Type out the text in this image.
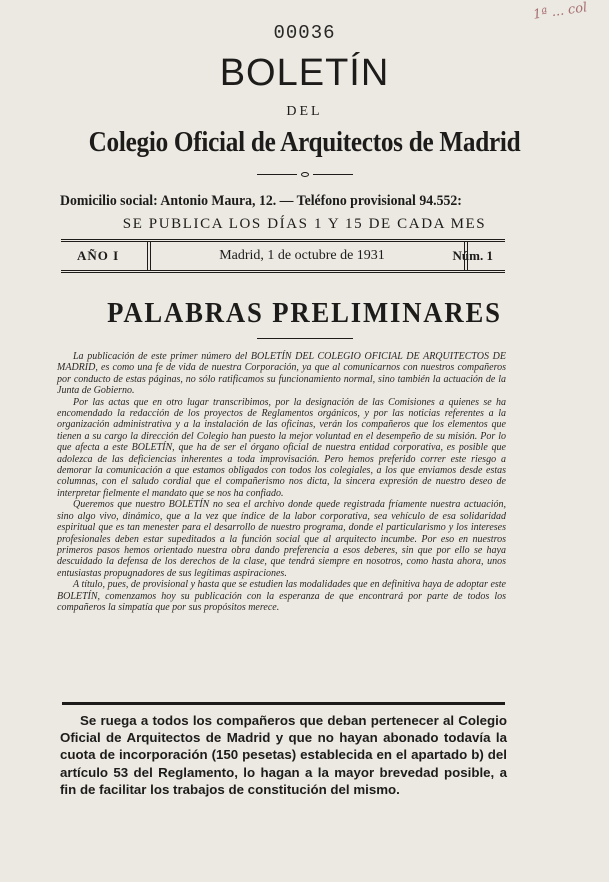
00036
1ª ... col
BOLETÍN
DEL
Colegio Oficial de Arquitectos de Madrid
Domicilio social: Antonio Maura, 12. — Teléfono provisional 94.552:
SE PUBLICA LOS DÍAS 1 Y 15 DE CADA MES
AÑO I	Madrid, 1 de octubre de 1931	Núm. 1
PALABRAS PRELIMINARES

La publicación de este primer número del BOLETÍN DEL COLEGIO OFICIAL DE ARQUITECTOS DE MADRID, es como una fe de vida de nuestra Corporación, ya que al comunicarnos con nuestros compañeros por conducto de estas páginas, no sólo ratificamos su funcionamiento normal, sino también la actuación de la Junta de Gobierno.

Por las actas que en otro lugar transcribimos, por la designación de las Comisiones a quienes se ha encomendado la redacción de los proyectos de Reglamentos orgánicos, y por las noticias referentes a la organización administrativa y a la instalación de las oficinas, verán los compañeros que los elementos que tienen a su cargo la dirección del Colegio han puesto la mejor voluntad en el desempeño de su misión. Por lo que afecta a este BOLETÍN, que ha de ser el órgano oficial de nuestra entidad corporativa, es posible que adolezca de las deficiencias inherentes a toda improvisación. Pero hemos preferido correr este riesgo a demorar la comunicación a que estamos obligados con todos los colegiales, a los que enviamos desde estas columnas, con el saludo cordial que el compañerismo nos dicta, la sincera expresión de nuestro deseo de interpretar fielmente el mandato que se nos ha confiado.

Queremos que nuestro BOLETÍN no sea el archivo donde quede registrada fríamente nuestra actuación, sino algo vivo, dinámico, que a la vez que índice de la labor corporativa, sea vehículo de esa solidaridad espiritual que es tan menester para el desarrollo de nuestro programa, donde el particularismo y los intereses profesionales deben estar supeditados a la función social que al arquitecto incumbe. Por eso en nuestros primeros pasos hemos orientado nuestra obra dando preferencia a esos deberes, sin que por ello se haya descuidado la defensa de los derechos de la clase, que tendrá siempre en nosotros, como hasta ahora, unos entusiastas propugnadores de sus legítimas aspiraciones.

A título, pues, de provisional y hasta que se estudien las modalidades que en definitiva haya de adoptar este BOLETÍN, comenzamos hoy su publicación con la esperanza de que encontrará por parte de todos los compañeros la simpatía que por sus propósitos merece.

Se ruega a todos los compañeros que deban pertenecer al Colegio Oficial de Arquitectos de Madrid y que no hayan abonado todavía la cuota de incorporación (150 pesetas) establecida en el apartado b) del artículo 53 del Reglamento, lo hagan a la mayor brevedad posible, a fin de facilitar los trabajos de constitución del mismo.
